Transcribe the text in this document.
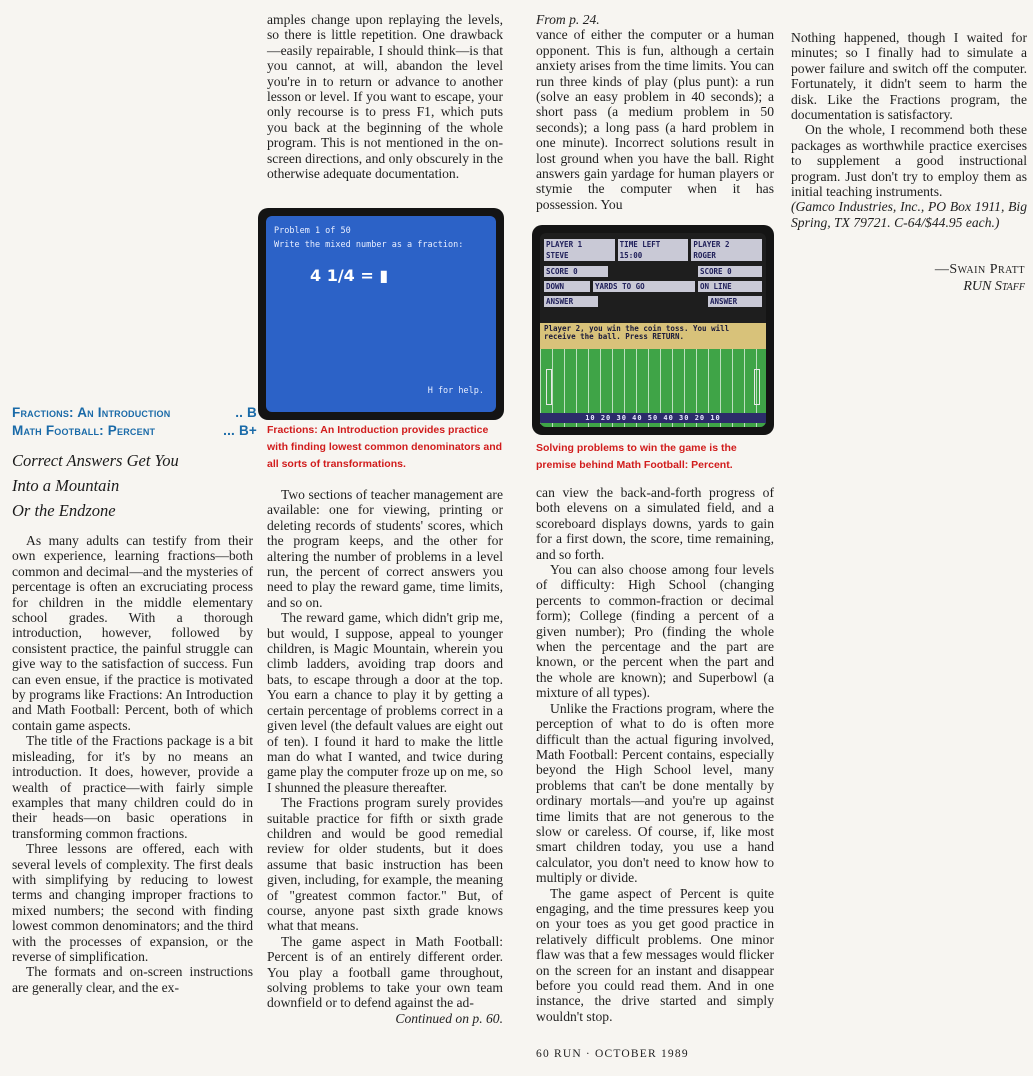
amples change upon replaying the levels, so there is little repetition. One drawback—easily repairable, I should think—is that you cannot, at will, abandon the level you're in to return or advance to another lesson or level. If you want to escape, your only recourse is to press F1, which puts you back at the beginning of the whole program. This is not mentioned in the on-screen directions, and only obscurely in the otherwise adequate documentation.

From p. 24.

vance of either the computer or a human opponent. This is fun, although a certain anxiety arises from the time limits. You can run three kinds of play (plus punt): a run (solve an easy problem in 40 seconds); a short pass (a medium problem in 50 seconds); a long pass (a hard problem in one minute). Incorrect solutions result in lost ground when you have the ball. Right answers gain yardage for human players or stymie the computer when it has possession. You

Nothing happened, though I waited for minutes; so I finally had to simulate a power failure and switch off the computer. Fortunately, it didn't seem to harm the disk. Like the Fractions program, the documentation is satisfactory.

On the whole, I recommend both these packages as worthwhile practice exercises to supplement a good instructional program. Just don't try to employ them as initial teaching instruments.

(Gamco Industries, Inc., PO Box 1911, Big Spring, TX 79721. C-64/$44.95 each.)

—Swain Pratt
RUN Staff
Problem 1 of 50
Write the mixed number as a fraction:
4 1/4 = ▮
H for help.
Fractions: An Introduction provides practice with finding lowest common denominators and all sorts of transformations.
PLAYER 1	TIME LEFT	PLAYER 2
STEVE	15:00	ROGER
SCORE 0	SCORE 0
DOWN	YARDS TO GO	ON LINE
ANSWER	ANSWER
Player 2, you win the coin toss. You will receive the ball. Press RETURN.
10 20 30 40 50 40 30 20 10
Solving problems to win the game is the premise behind Math Football: Percent.
Fractions: An Introduction	.. B
Math Football: Percent	... B+
Correct Answers Get You
Into a Mountain
Or the Endzone

As many adults can testify from their own experience, learning fractions—both common and decimal—and the mysteries of percentage is often an excruciating process for children in the middle elementary school grades. With a thorough introduction, however, followed by consistent practice, the painful struggle can give way to the satisfaction of success. Fun can even ensue, if the practice is motivated by programs like Fractions: An Introduction and Math Football: Percent, both of which contain game aspects.

The title of the Fractions package is a bit misleading, for it's by no means an introduction. It does, however, provide a wealth of practice—with fairly simple examples that many children could do in their heads—on basic operations in transforming common fractions.

Three lessons are offered, each with several levels of complexity. The first deals with simplifying by reducing to lowest terms and changing improper fractions to mixed numbers; the second with finding lowest common denominators; and the third with the processes of expansion, or the reverse of simplification.

The formats and on-screen instructions are generally clear, and the ex-

Two sections of teacher management are available: one for viewing, printing or deleting records of students' scores, which the program keeps, and the other for altering the number of problems in a level run, the percent of correct answers you need to play the reward game, time limits, and so on.

The reward game, which didn't grip me, but would, I suppose, appeal to younger children, is Magic Mountain, wherein you climb ladders, avoiding trap doors and bats, to escape through a door at the top. You earn a chance to play it by getting a certain percentage of problems correct in a given level (the default values are eight out of ten). I found it hard to make the little man do what I wanted, and twice during game play the computer froze up on me, so I shunned the pleasure thereafter.

The Fractions program surely provides suitable practice for fifth or sixth grade children and would be good remedial review for older students, but it does assume that basic instruction has been given, including, for example, the meaning of "greatest common factor." But, of course, anyone past sixth grade knows what that means.

The game aspect in Math Football: Percent is of an entirely different order. You play a football game throughout, solving problems to take your own team downfield or to defend against the ad-

Continued on p. 60.

can view the back-and-forth progress of both elevens on a simulated field, and a scoreboard displays downs, yards to gain for a first down, the score, time remaining, and so forth.

You can also choose among four levels of difficulty: High School (changing percents to common-fraction or decimal form); College (finding a percent of a given number); Pro (finding the whole when the percentage and the part are known, or the percent when the part and the whole are known); and Superbowl (a mixture of all types).

Unlike the Fractions program, where the perception of what to do is often more difficult than the actual figuring involved, Math Football: Percent contains, especially beyond the High School level, many problems that can't be done mentally by ordinary mortals—and you're up against time limits that are not generous to the slow or careless. Of course, if, like most smart children today, you use a hand calculator, you don't need to know how to multiply or divide.

The game aspect of Percent is quite engaging, and the time pressures keep you on your toes as you get good practice in relatively difficult problems. One minor flaw was that a few messages would flicker on the screen for an instant and disappear before you could read them. And in one instance, the drive started and simply wouldn't stop.

60 RUN · OCTOBER 1989
